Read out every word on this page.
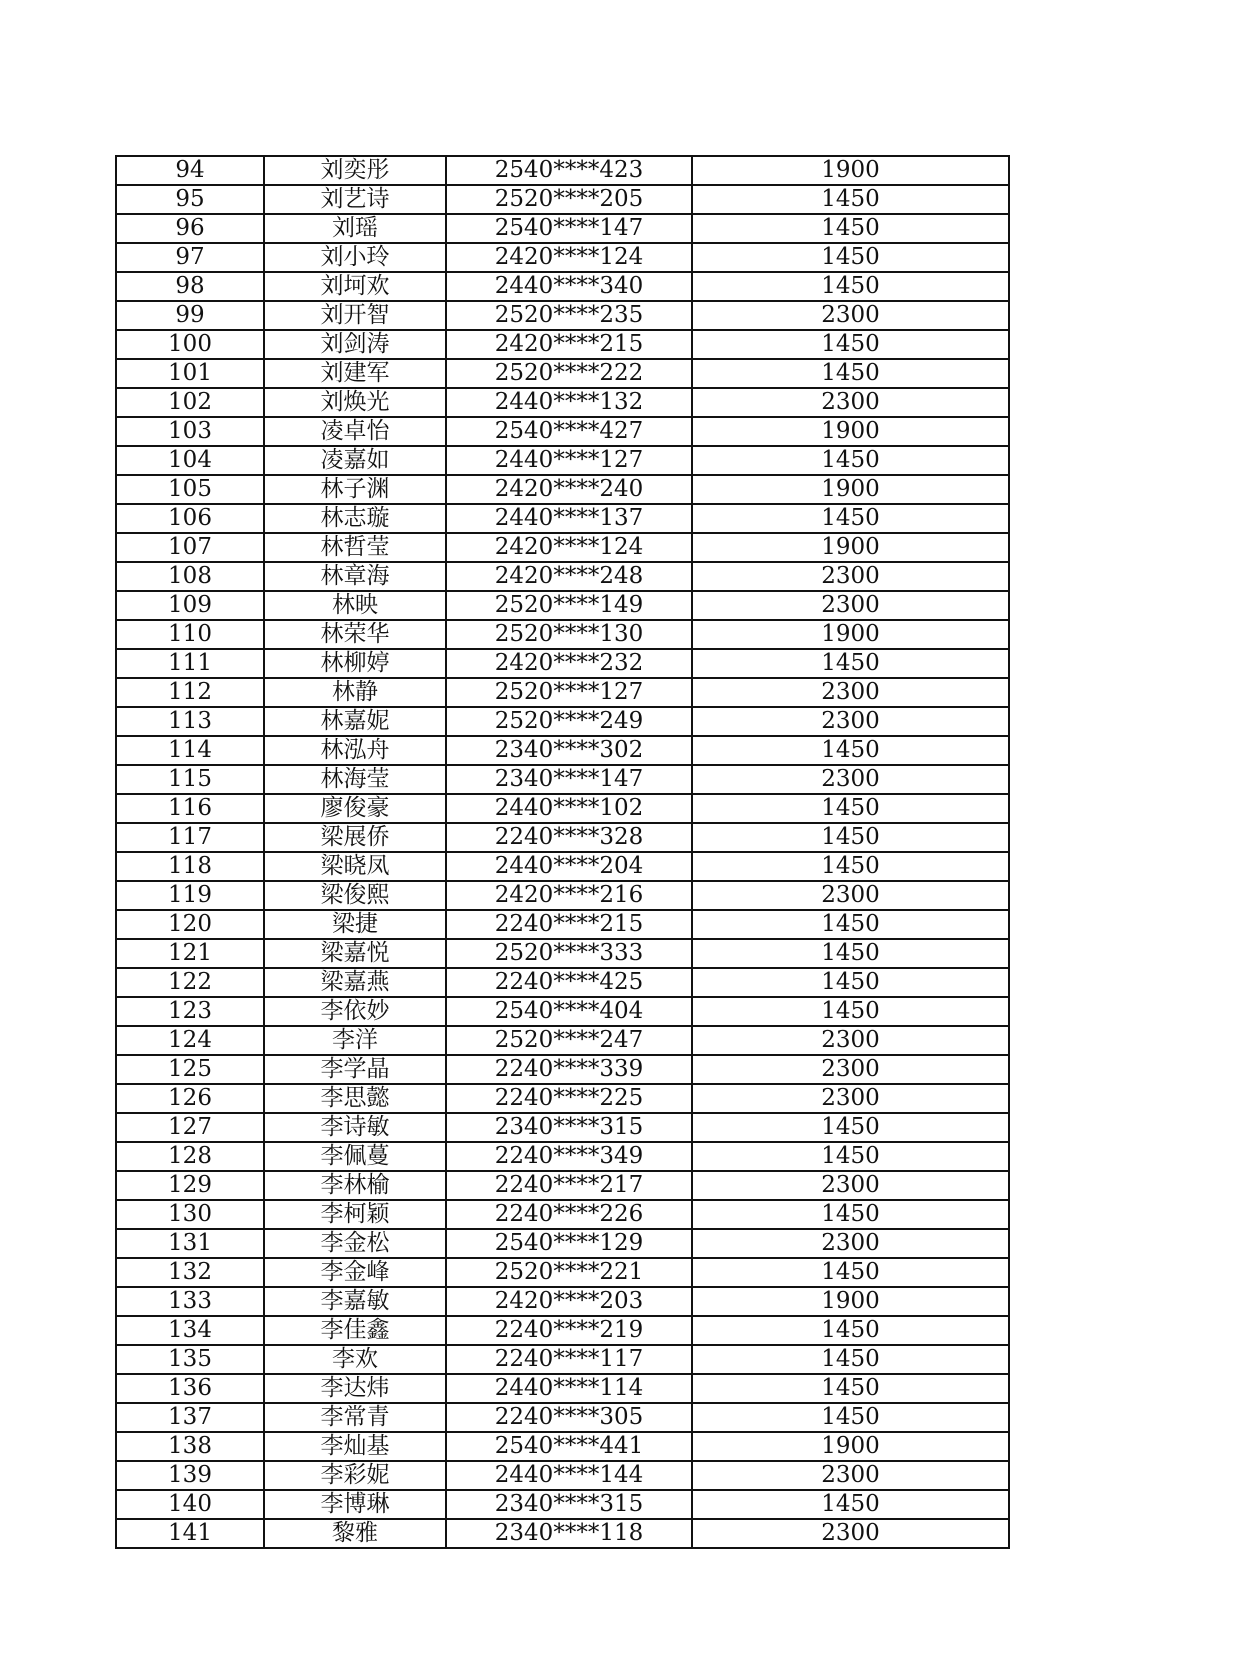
94	刘奕彤	2540****423	1900
95	刘艺诗	2520****205	1450
96	刘瑶	2540****147	1450
97	刘小玲	2420****124	1450
98	刘坷欢	2440****340	1450
99	刘开智	2520****235	2300
100	刘剑涛	2420****215	1450
101	刘建军	2520****222	1450
102	刘焕光	2440****132	2300
103	凌卓怡	2540****427	1900
104	凌嘉如	2440****127	1450
105	林子渊	2420****240	1900
106	林志璇	2440****137	1450
107	林哲莹	2420****124	1900
108	林章海	2420****248	2300
109	林映	2520****149	2300
110	林荣华	2520****130	1900
111	林柳婷	2420****232	1450
112	林静	2520****127	2300
113	林嘉妮	2520****249	2300
114	林泓舟	2340****302	1450
115	林海莹	2340****147	2300
116	廖俊豪	2440****102	1450
117	梁展侨	2240****328	1450
118	梁晓凤	2440****204	1450
119	梁俊熙	2420****216	2300
120	梁捷	2240****215	1450
121	梁嘉悦	2520****333	1450
122	梁嘉燕	2240****425	1450
123	李依妙	2540****404	1450
124	李洋	2520****247	2300
125	李学晶	2240****339	2300
126	李思懿	2240****225	2300
127	李诗敏	2340****315	1450
128	李佩蔓	2240****349	1450
129	李林榆	2240****217	2300
130	李柯颖	2240****226	1450
131	李金松	2540****129	2300
132	李金峰	2520****221	1450
133	李嘉敏	2420****203	1900
134	李佳鑫	2240****219	1450
135	李欢	2240****117	1450
136	李达炜	2440****114	1450
137	李常青	2240****305	1450
138	李灿基	2540****441	1900
139	李彩妮	2440****144	2300
140	李博琳	2340****315	1450
141	黎雅	2340****118	2300
